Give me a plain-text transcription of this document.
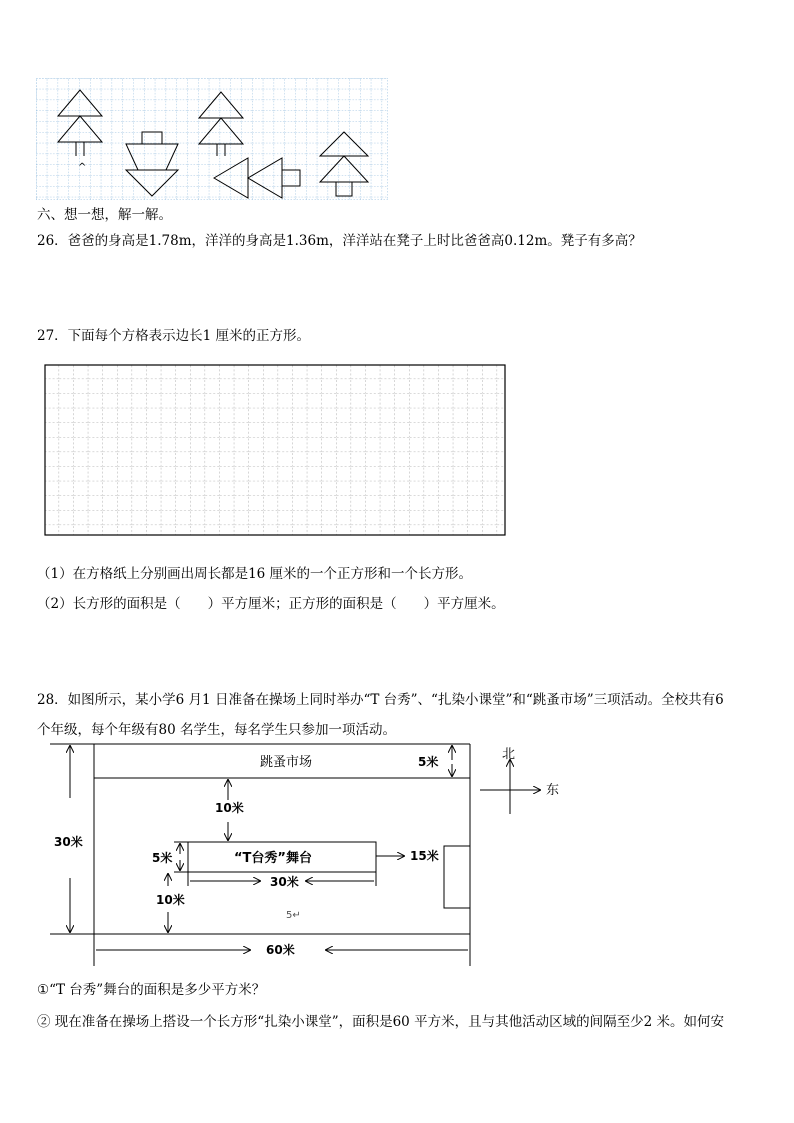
^
六、想一想，解一解。
26．爸爸的身高是1.78m，洋洋的身高是1.36m，洋洋站在凳子上时比爸爸高0.12m。凳子有多高？
27．下面每个方格表示边长1 厘米的正方形。
（1）在方格纸上分别画出周长都是16 厘米的一个正方形和一个长方形。
（2）长方形的面积是（　　）平方厘米；正方形的面积是（　　）平方厘米。
28．如图所示，某小学6 月1 日准备在操场上同时举办“T 台秀”、“扎染小课堂”和“跳蚤市场”三项活动。全校共有6
个年级，每个年级有80 名学生，每名学生只参加一项活动。
跳蚤市场	5米
10米
30米
“T台秀”舞台
5米	15米
30米
10米
5↵
60米
北
东
①“T 台秀”舞台的面积是多少平方米？
② 现在准备在操场上搭设一个长方形“扎染小课堂”，面积是60 平方米，且与其他活动区域的间隔至少2 米。如何安
